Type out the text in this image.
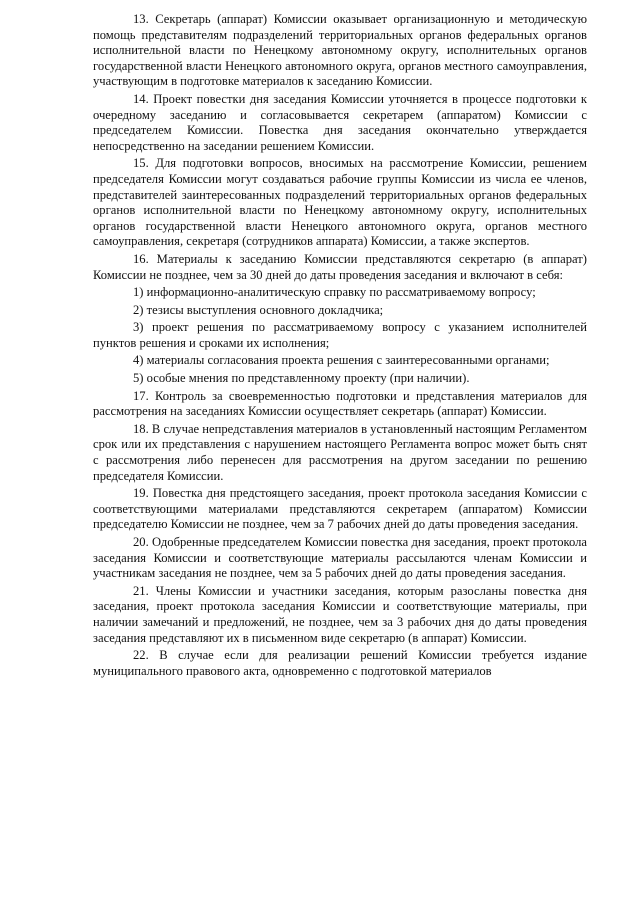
13. Секретарь (аппарат) Комиссии оказывает организационную и методическую помощь представителям подразделений территориальных органов федеральных органов исполнительной власти по Ненецкому автономному округу, исполнительных органов государственной власти Ненецкого автономного округа, органов местного самоуправления, участвующим в подготовке материалов к заседанию Комиссии.

14. Проект повестки дня заседания Комиссии уточняется в процессе подготовки к очередному заседанию и согласовывается секретарем (аппаратом) Комиссии с председателем Комиссии. Повестка дня заседания окончательно утверждается непосредственно на заседании решением Комиссии.

15. Для подготовки вопросов, вносимых на рассмотрение Комиссии, решением председателя Комиссии могут создаваться рабочие группы Комиссии из числа ее членов, представителей заинтересованных подразделений территориальных органов федеральных органов исполнительной власти по Ненецкому автономному округу, исполнительных органов государственной власти Ненецкого автономного округа, органов местного самоуправления, секретаря (сотрудников аппарата) Комиссии, а также экспертов.

16. Материалы к заседанию Комиссии представляются секретарю (в аппарат) Комиссии не позднее, чем за 30 дней до даты проведения заседания и включают в себя:

1) информационно-аналитическую справку по рассматриваемому вопросу;

2) тезисы выступления основного докладчика;

3) проект решения по рассматриваемому вопросу с указанием исполнителей пунктов решения и сроками их исполнения;

4) материалы согласования проекта решения с заинтересованными органами;

5) особые мнения по представленному проекту (при наличии).

17. Контроль за своевременностью подготовки и представления материалов для рассмотрения на заседаниях Комиссии осуществляет секретарь (аппарат) Комиссии.

18. В случае непредставления материалов в установленный настоящим Регламентом срок или их представления с нарушением настоящего Регламента вопрос может быть снят с рассмотрения либо перенесен для рассмотрения на другом заседании по решению председателя Комиссии.

19. Повестка дня предстоящего заседания, проект протокола заседания Комиссии с соответствующими материалами представляются секретарем (аппаратом) Комиссии председателю Комиссии не позднее, чем за 7 рабочих дней до даты проведения заседания.

20. Одобренные председателем Комиссии повестка дня заседания, проект протокола заседания Комиссии и соответствующие материалы рассылаются членам Комиссии и участникам заседания не позднее, чем за 5 рабочих дней до даты проведения заседания.

21. Члены Комиссии и участники заседания, которым разосланы повестка дня заседания, проект протокола заседания Комиссии и соответствующие материалы, при наличии замечаний и предложений, не позднее, чем за 3 рабочих дня до даты проведения заседания представляют их в письменном виде секретарю (в аппарат) Комиссии.

22. В случае если для реализации решений Комиссии требуется издание муниципального правового акта, одновременно с подготовкой материалов
